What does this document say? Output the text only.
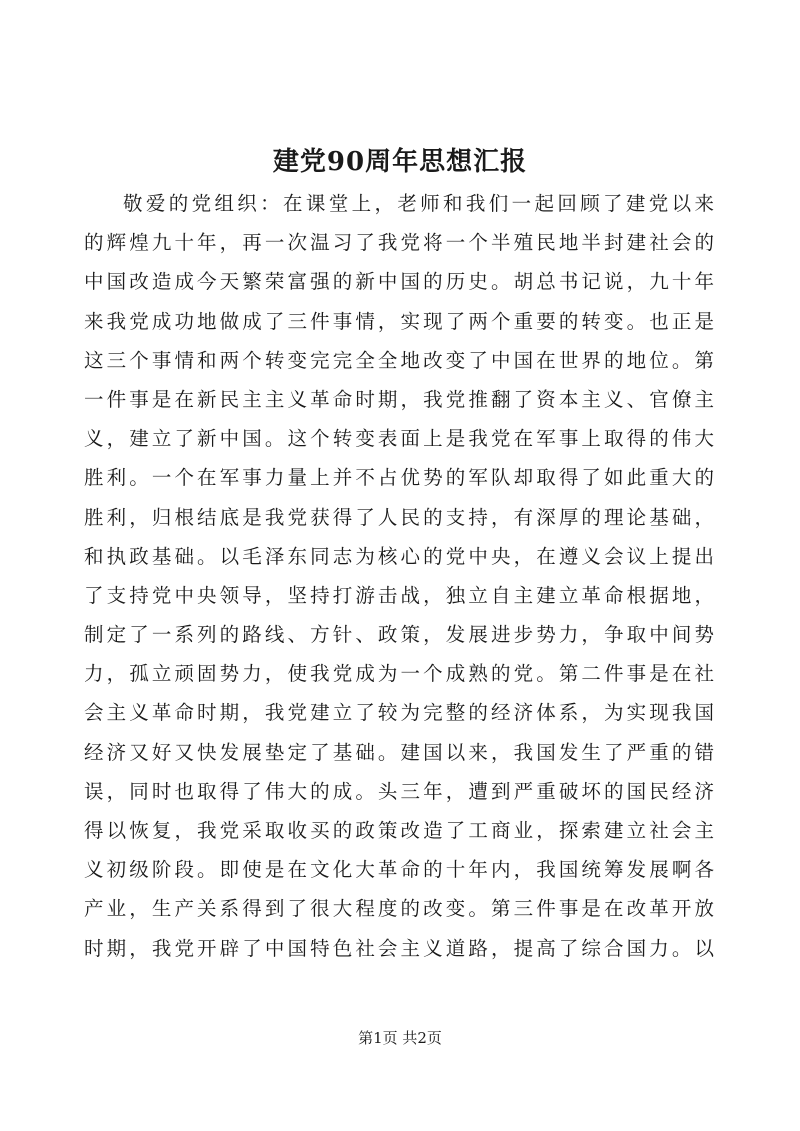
建党90周年思想汇报
敬爱的党组织：在课堂上，老师和我们一起回顾了建党以来
的辉煌九十年，再一次温习了我党将一个半殖民地半封建社会的
中国改造成今天繁荣富强的新中国的历史。胡总书记说，九十年
来我党成功地做成了三件事情，实现了两个重要的转变。也正是
这三个事情和两个转变完完全全地改变了中国在世界的地位。第
一件事是在新民主主义革命时期，我党推翻了资本主义、官僚主
义，建立了新中国。这个转变表面上是我党在军事上取得的伟大
胜利。一个在军事力量上并不占优势的军队却取得了如此重大的
胜利，归根结底是我党获得了人民的支持，有深厚的理论基础，
和执政基础。以毛泽东同志为核心的党中央，在遵义会议上提出
了支持党中央领导，坚持打游击战，独立自主建立革命根据地，
制定了一系列的路线、方针、政策，发展进步势力，争取中间势
力，孤立顽固势力，使我党成为一个成熟的党。第二件事是在社
会主义革命时期，我党建立了较为完整的经济体系，为实现我国
经济又好又快发展垫定了基础。建国以来，我国发生了严重的错
误，同时也取得了伟大的成。头三年，遭到严重破坏的国民经济
得以恢复，我党采取收买的政策改造了工商业，探索建立社会主
义初级阶段。即使是在文化大革命的十年内，我国统筹发展啊各
产业，生产关系得到了很大程度的改变。第三件事是在改革开放
时期，我党开辟了中国特色社会主义道路，提高了综合国力。以
第1页 共2页
